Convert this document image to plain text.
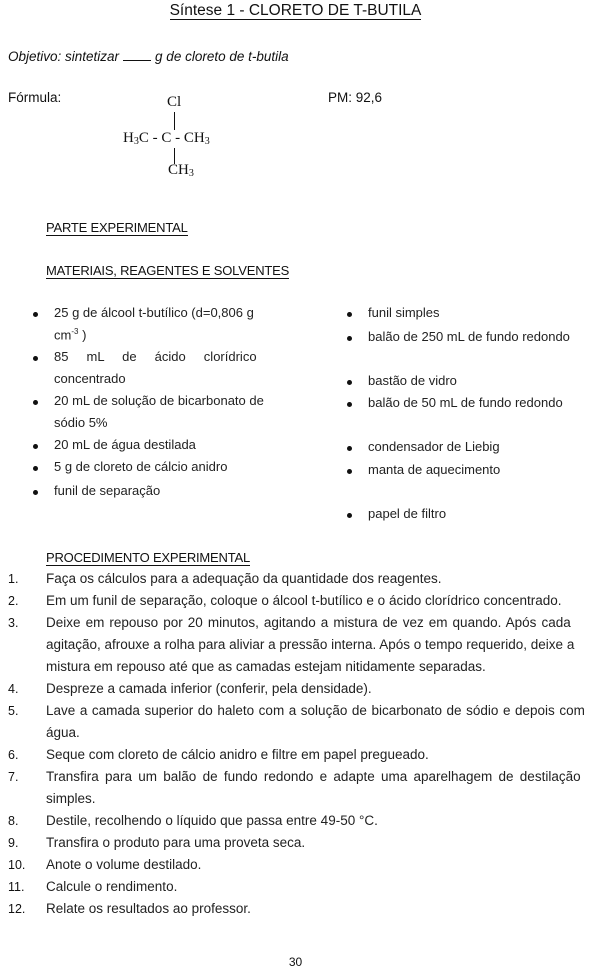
Síntese 1 - CLORETO DE T-BUTILA
Objetivo: sintetizar	g de cloreto de t-butila
Fórmula:	PM: 92,6
Cl
$H_3C$ - C - $CH_3$
$CH_3$
PARTE EXPERIMENTAL
MATERIAIS, REAGENTES E SOLVENTES
25 g de álcool t-butílico (d=0,806 g
$cm^{-3}$ )
85     mL     de     ácido     clorídrico
concentrado
20 mL de solução de bicarbonato de
sódio 5%
20 mL de água destilada
5 g de cloreto de cálcio anidro
funil de separação
funil simples
balão de 250 mL de fundo redondo
bastão de vidro
balão de 50 mL de fundo redondo
condensador de Liebig
manta de aquecimento
papel de filtro
PROCEDIMENTO EXPERIMENTAL
1. Faça os cálculos para a adequação da quantidade dos reagentes.
2. Em um funil de separação, coloque o álcool t-butílico e o ácido clorídrico concentrado.
3. Deixe em repouso por 20 minutos, agitando a mistura de vez em quando. Após cada
agitação, afrouxe a rolha para aliviar a pressão interna. Após o tempo requerido, deixe a
mistura em repouso até que as camadas estejam nitidamente separadas.
4. Despreze a camada inferior (conferir, pela densidade).
5. Lave a camada superior do haleto com a solução de bicarbonato de sódio e depois com
água.
6. Seque com cloreto de cálcio anidro e filtre em papel pregueado.
7. Transfira para um balão de fundo redondo e adapte uma aparelhagem de destilação
simples.
8. Destile, recolhendo o líquido que passa entre 49-50 °C.
9. Transfira o produto para uma proveta seca.
10. Anote o volume destilado.
11. Calcule o rendimento.
12. Relate os resultados ao professor.
30
